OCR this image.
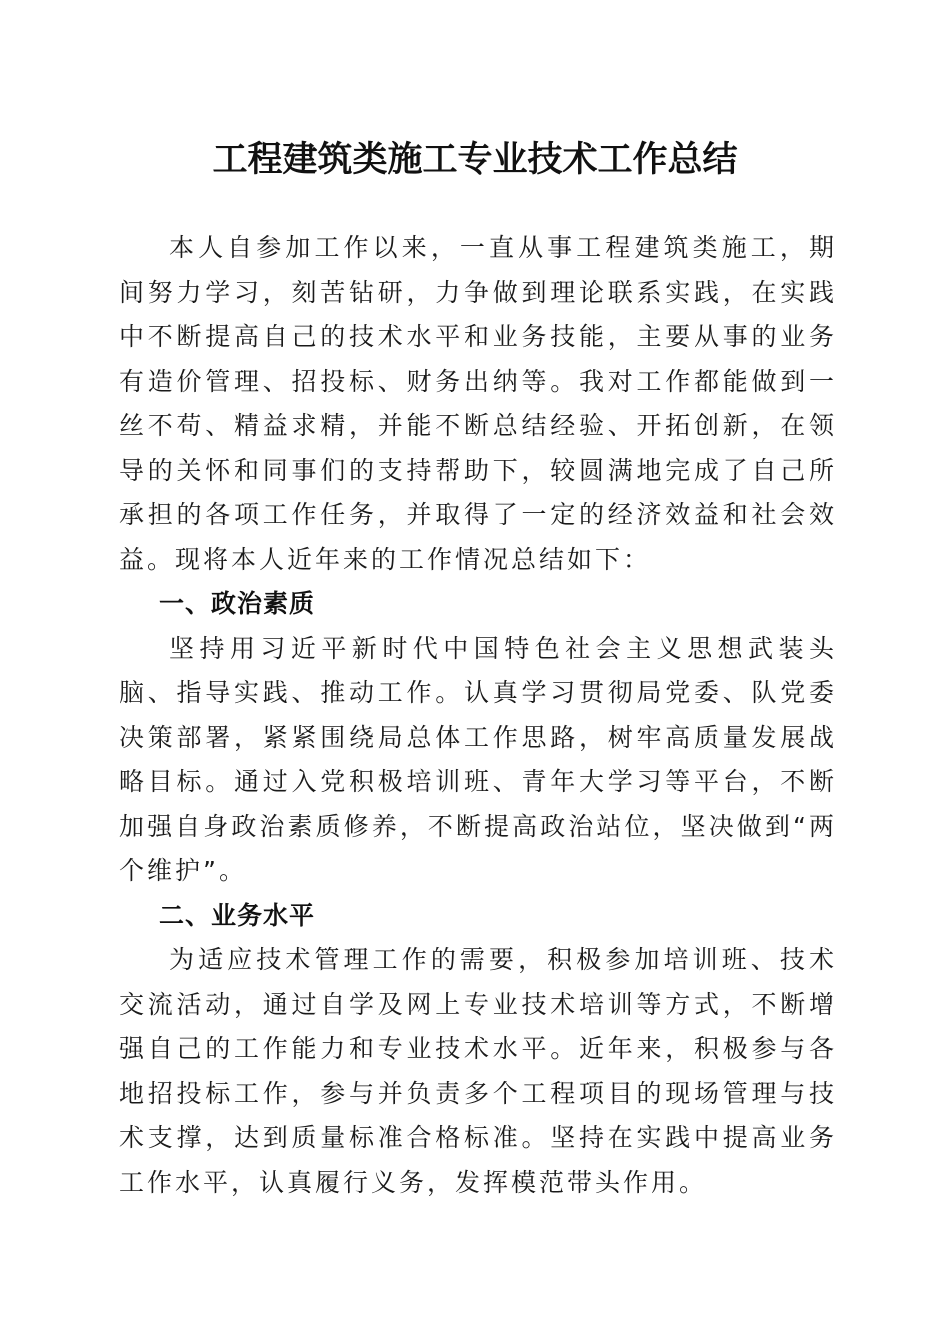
工程建筑类施工专业技术工作总结

本人自参加工作以来，一直从事工程建筑类施工，期间努力学习，刻苦钻研，力争做到理论联系实践，在实践中不断提高自己的技术水平和业务技能，主要从事的业务有造价管理、招投标、财务出纳等。我对工作都能做到一丝不苟、精益求精，并能不断总结经验、开拓创新，在领导的关怀和同事们的支持帮助下，较圆满地完成了自己所承担的各项工作任务，并取得了一定的经济效益和社会效益。现将本人近年来的工作情况总结如下：

一、政治素质

坚持用习近平新时代中国特色社会主义思想武装头脑、指导实践、推动工作。认真学习贯彻局党委、队党委决策部署，紧紧围绕局总体工作思路，树牢高质量发展战略目标。通过入党积极培训班、青年大学习等平台，不断加强自身政治素质修养，不断提高政治站位，坚决做到“两个维护”。

二、业务水平

为适应技术管理工作的需要，积极参加培训班、技术交流活动，通过自学及网上专业技术培训等方式，不断增强自己的工作能力和专业技术水平。近年来，积极参与各地招投标工作，参与并负责多个工程项目的现场管理与技术支撑，达到质量标准合格标准。坚持在实践中提高业务工作水平，认真履行义务，发挥模范带头作用。
